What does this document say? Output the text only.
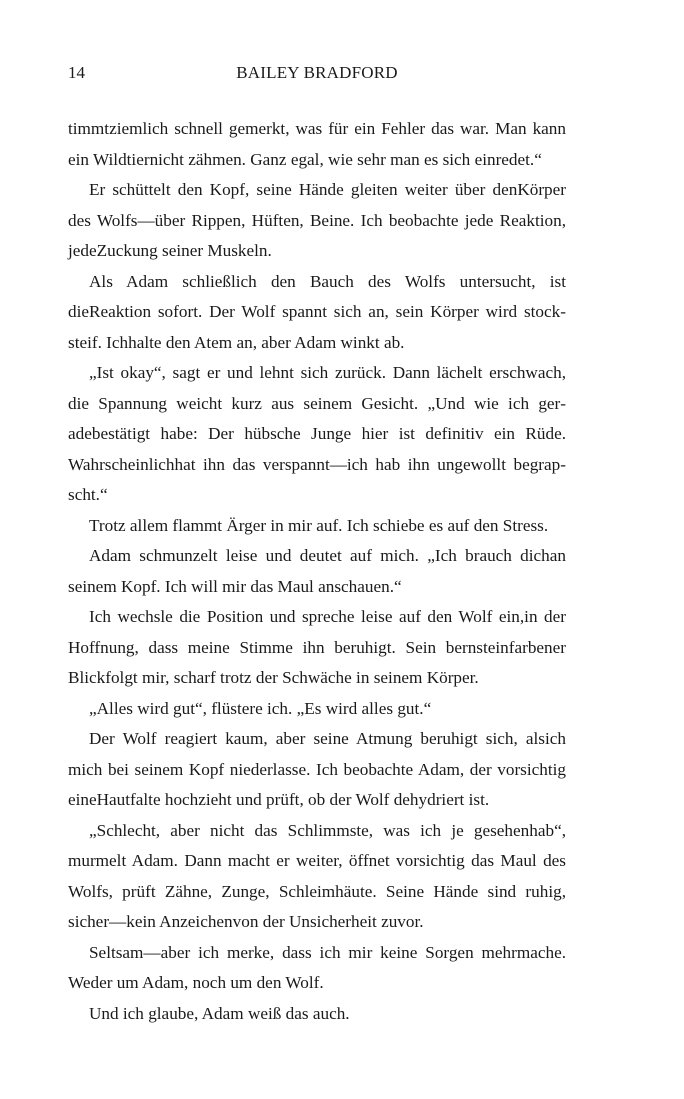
14	BAILEY BRADFORD

timmtziemlich schnell gemerkt, was für ein Fehler das war. Man kann ein Wildtiernicht zähmen. Ganz egal, wie sehr man es sich einredet.“

Er schüttelt den Kopf, seine Hände gleiten weiter über denKörper des Wolfs—über Rippen, Hüften, Beine. Ich beobachte jede Reaktion, jedeZuckung seiner Muskeln.

Als Adam schließlich den Bauch des Wolfs untersucht, ist dieReaktion sofort. Der Wolf spannt sich an, sein Körper wird stocksteif. Ichhalte den Atem an, aber Adam winkt ab.

„Ist okay“, sagt er und lehnt sich zurück. Dann lächelt erschwach, die Spannung weicht kurz aus seinem Gesicht. „Und wie ich geradebestätigt habe: Der hübsche Junge hier ist definitiv ein Rüde. Wahrscheinlichhat ihn das verspannt—ich hab ihn ungewollt begrapscht.“

Trotz allem flammt Ärger in mir auf. Ich schiebe es auf den Stress.

Adam schmunzelt leise und deutet auf mich. „Ich brauch dichan seinem Kopf. Ich will mir das Maul anschauen.“

Ich wechsle die Position und spreche leise auf den Wolf ein,in der Hoffnung, dass meine Stimme ihn beruhigt. Sein bernsteinfarbener Blickfolgt mir, scharf trotz der Schwäche in seinem Körper.

„Alles wird gut“, flüstere ich. „Es wird alles gut.“

Der Wolf reagiert kaum, aber seine Atmung beruhigt sich, alsich mich bei seinem Kopf niederlasse. Ich beobachte Adam, der vorsichtig eineHautfalte hochzieht und prüft, ob der Wolf dehydriert ist.

„Schlecht, aber nicht das Schlimmste, was ich je gesehenhab“, murmelt Adam. Dann macht er weiter, öffnet vorsichtig das Maul des Wolfs, prüft Zähne, Zunge, Schleimhäute. Seine Hände sind ruhig, sicher—kein Anzeichenvon der Unsicherheit zuvor.

Seltsam—aber ich merke, dass ich mir keine Sorgen mehrmache. Weder um Adam, noch um den Wolf.

Und ich glaube, Adam weiß das auch.
